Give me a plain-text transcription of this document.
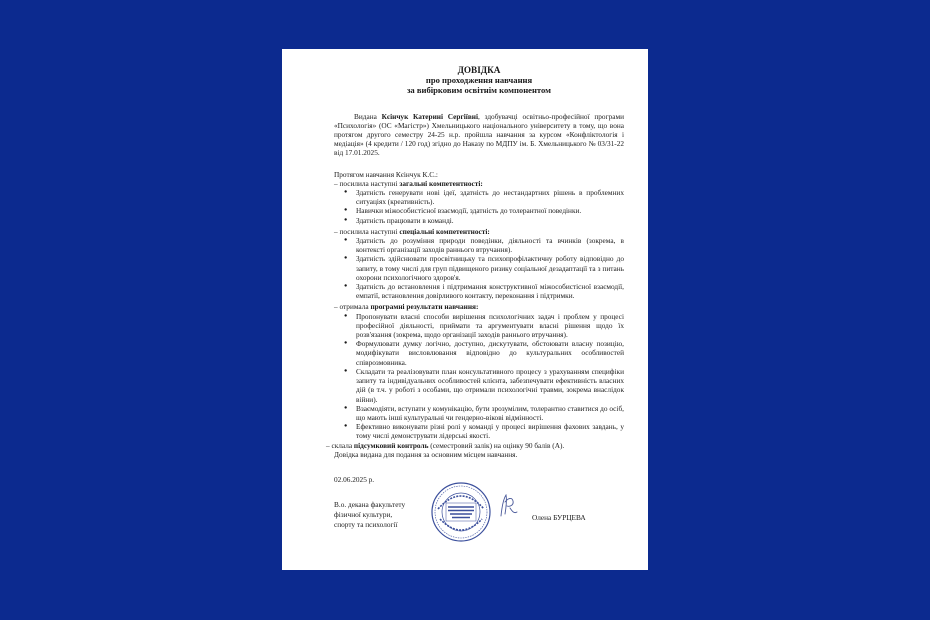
ДОВІДКА
про проходження навчання
за вибірковим освітнім компонентом
Видана Кєінчук Катерині Сергіївні, здобувачці освітньо-професійної програми «Психологія» (ОС «Магістр») Хмельницького національного університету в тому, що вона протягом другого семестру 24-25 н.р. пройшла навчання за курсом «Конфліктологія і медіація» (4 кредити / 120 год) згідно до Наказу по МДПУ ім. Б. Хмельницького № 03/31-22 від 17.01.2025.
Протягом навчання Кєінчук К.С.:
– посилила наступні загальні компетентності:
● Здатність генерувати нові ідеї, здатність до нестандартних рішень в проблемних ситуаціях (креативність).
● Навички міжособистісної взаємодії, здатність до толерантної поведінки.
● Здатність працювати в команді.
– посилила наступні спеціальні компетентності:
● Здатність до розуміння природи поведінки, діяльності та вчинків (зокрема, в контексті організації заходів раннього втручання).
● Здатність здійснювати просвітницьку та психопрофілактичну роботу відповідно до запиту, в тому числі для груп підвищеного ризику соціальної дезадаптації та з питань охорони психологічного здоров'я.
● Здатність до встановлення і підтримання конструктивної міжособистісної взаємодії, емпатії, встановлення довірливого контакту, переконання і підтримки.
– отримала програмні результати навчання:
● Пропонувати власні способи вирішення психологічних задач і проблем у процесі професійної діяльності, приймати та аргументувати власні рішення щодо їх розв'язання (зокрема, щодо організації заходів раннього втручання).
● Формулювати думку логічно, доступно, дискутувати, обстоювати власну позицію, модифікувати висловлювання відповідно до культуральних особливостей співрозмовника.
● Складати та реалізовувати план консультативного процесу з урахуванням специфіки запиту та індивідуальних особливостей клієнта, забезпечувати ефективність власних дій (в т.ч. у роботі з особами, що отримали психологічні травми, зокрема внаслідок війни).
● Взаємодіяти, вступати у комунікацію, бути зрозумілим, толерантно ставитися до осіб, що мають інші культуральні чи гендерно-вікові відмінності.
● Ефективно виконувати різні ролі у команді у процесі вирішення фахових завдань, у тому числі демонструвати лідерські якості.
– склала підсумковий контроль (семестровий залік) на оцінку 90 балів (А).
Довідка видана для подання за основним місцем навчання.
02.06.2025 р.
В.о. декана факультету
фізичної культури,
спорту та психології
Олена БУРЦЕВА
